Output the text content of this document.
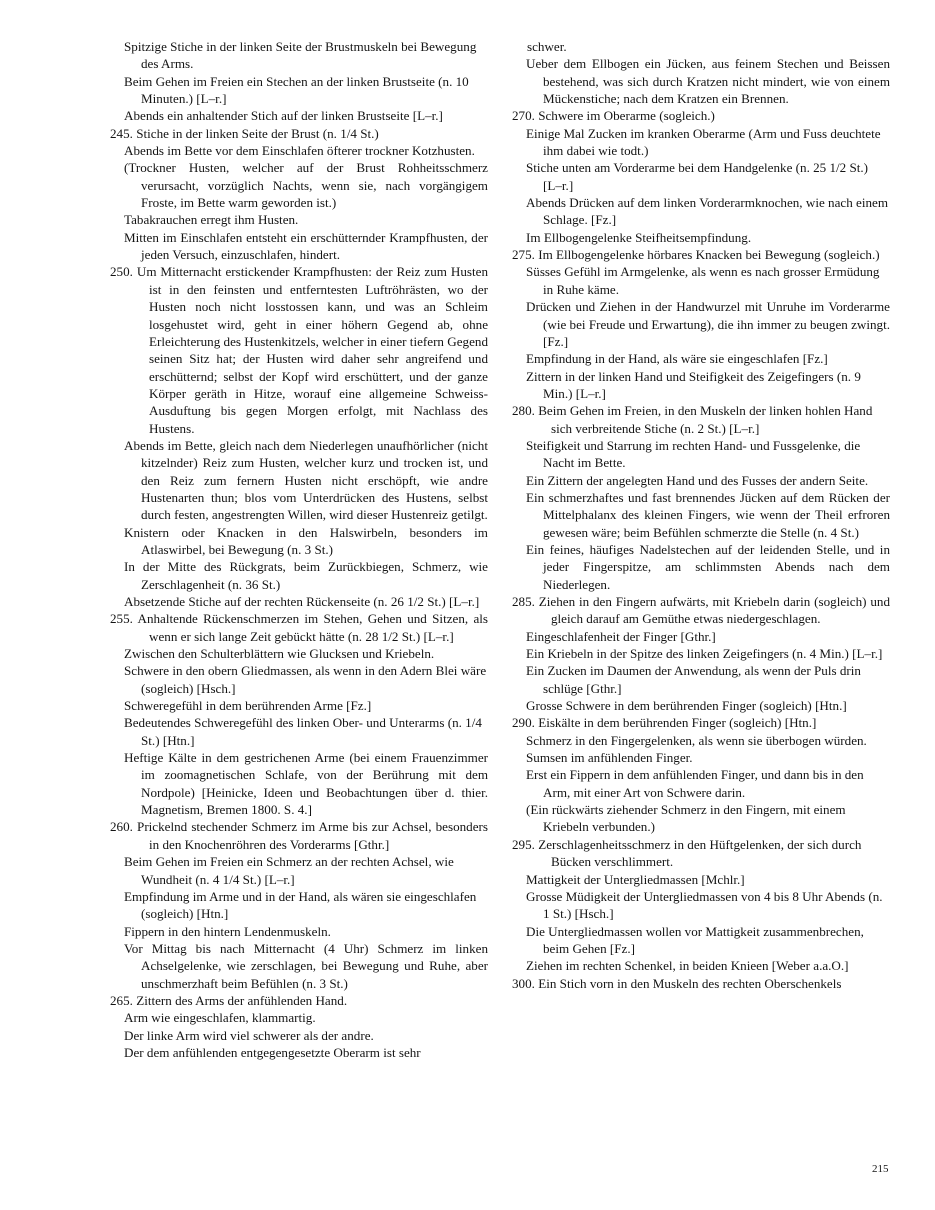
Spitzige Stiche in der linken Seite der Brustmuskeln bei Bewegung des Arms.
Beim Gehen im Freien ein Stechen an der linken Brustseite (n. 10 Minuten.) [L–r.]
Abends ein anhaltender Stich auf der linken Brustseite [L–r.]
245. Stiche in der linken Seite der Brust (n. 1/4 St.)
Abends im Bette vor dem Einschlafen öfterer trockner Kotzhusten.
(Trockner Husten, welcher auf der Brust Rohheitsschmerz verursacht, vorzüglich Nachts, wenn sie, nach vorgängigem Froste, im Bette warm geworden ist.)
Tabakrauchen erregt ihm Husten.
Mitten im Einschlafen entsteht ein erschütternder Krampfhusten, der jeden Versuch, einzuschlafen, hindert.
250. Um Mitternacht erstickender Krampfhusten: der Reiz zum Husten ist in den feinsten und entferntesten Luftröhrästen, wo der Husten noch nicht losstossen kann, und was an Schleim losgehustet wird, geht in einer höhern Gegend ab, ohne Erleichterung des Hustenkitzels, welcher in einer tiefern Gegend seinen Sitz hat; der Husten wird daher sehr angreifend und erschütternd; selbst der Kopf wird erschüttert, und der ganze Körper geräth in Hitze, worauf eine allgemeine Schweiss-Ausduftung bis gegen Morgen erfolgt, mit Nachlass des Hustens.
Abends im Bette, gleich nach dem Niederlegen unaufhörlicher (nicht kitzelnder) Reiz zum Husten, welcher kurz und trocken ist, und den Reiz zum fernern Husten nicht erschöpft, wie andre Hustenarten thun; blos vom Unterdrücken des Hustens, selbst durch festen, angestrengten Willen, wird dieser Hustenreiz getilgt.
Knistern oder Knacken in den Halswirbeln, besonders im Atlaswirbel, bei Bewegung (n. 3 St.)
In der Mitte des Rückgrats, beim Zurückbiegen, Schmerz, wie Zerschlagenheit (n. 36 St.)
Absetzende Stiche auf der rechten Rückenseite (n. 26 1/2 St.) [L–r.]
255. Anhaltende Rückenschmerzen im Stehen, Gehen und Sitzen, als wenn er sich lange Zeit gebückt hätte (n. 28 1/2 St.) [L–r.]
Zwischen den Schulterblättern wie Glucksen und Kriebeln.
Schwere in den obern Gliedmassen, als wenn in den Adern Blei wäre (sogleich) [Hsch.]
Schweregefühl in dem berührenden Arme [Fz.]
Bedeutendes Schweregefühl des linken Ober- und Unterarms (n. 1/4 St.) [Htn.]
Heftige Kälte in dem gestrichenen Arme (bei einem Frauenzimmer im zoomagnetischen Schlafe, von der Berührung mit dem Nordpole) [Heinicke, Ideen und Beobachtungen über d. thier. Magnetism, Bremen 1800. S. 4.]
260. Prickelnd stechender Schmerz im Arme bis zur Achsel, besonders in den Knochenröhren des Vorderarms [Gthr.]
Beim Gehen im Freien ein Schmerz an der rechten Achsel, wie Wundheit (n. 4 1/4 St.) [L–r.]
Empfindung im Arme und in der Hand, als wären sie eingeschlafen (sogleich) [Htn.]
Fippern in den hintern Lendenmuskeln.
Vor Mittag bis nach Mitternacht (4 Uhr) Schmerz im linken Achselgelenke, wie zerschlagen, bei Bewegung und Ruhe, aber unschmerzhaft beim Befühlen (n. 3 St.)
265. Zittern des Arms der anfühlenden Hand.
Arm wie eingeschlafen, klammartig.
Der linke Arm wird viel schwerer als der andre.
Der dem anfühlenden entgegengesetzte Oberarm ist sehr
schwer.
Ueber dem Ellbogen ein Jücken, aus feinem Stechen und Beissen bestehend, was sich durch Kratzen nicht mindert, wie von einem Mückenstiche; nach dem Kratzen ein Brennen.
270. Schwere im Oberarme (sogleich.)
Einige Mal Zucken im kranken Oberarme (Arm und Fuss deuchtete ihm dabei wie todt.)
Stiche unten am Vorderarme bei dem Handgelenke (n. 25 1/2 St.) [L–r.]
Abends Drücken auf dem linken Vorderarmknochen, wie nach einem Schlage. [Fz.]
Im Ellbogengelenke Steifheitsempfindung.
275. Im Ellbogengelenke hörbares Knacken bei Bewegung (sogleich.)
Süsses Gefühl im Armgelenke, als wenn es nach grosser Ermüdung in Ruhe käme.
Drücken und Ziehen in der Handwurzel mit Unruhe im Vorderarme (wie bei Freude und Erwartung), die ihn immer zu beugen zwingt. [Fz.]
Empfindung in der Hand, als wäre sie eingeschlafen [Fz.]
Zittern in der linken Hand und Steifigkeit des Zeigefingers (n. 9 Min.) [L–r.]
280. Beim Gehen im Freien, in den Muskeln der linken hohlen Hand sich verbreitende Stiche (n. 2 St.) [L–r.]
Steifigkeit und Starrung im rechten Hand- und Fussgelenke, die Nacht im Bette.
Ein Zittern der angelegten Hand und des Fusses der andern Seite.
Ein schmerzhaftes und fast brennendes Jücken auf dem Rücken der Mittelphalanx des kleinen Fingers, wie wenn der Theil erfroren gewesen wäre; beim Befühlen schmerzte die Stelle (n. 4 St.)
Ein feines, häufiges Nadelstechen auf der leidenden Stelle, und in jeder Fingerspitze, am schlimmsten Abends nach dem Niederlegen.
285. Ziehen in den Fingern aufwärts, mit Kriebeln darin (sogleich) und gleich darauf am Gemüthe etwas niedergeschlagen.
Eingeschlafenheit der Finger [Gthr.]
Ein Kriebeln in der Spitze des linken Zeigefingers (n. 4 Min.) [L–r.]
Ein Zucken im Daumen der Anwendung, als wenn der Puls drin schlüge [Gthr.]
Grosse Schwere in dem berührenden Finger (sogleich) [Htn.]
290. Eiskälte in dem berührenden Finger (sogleich) [Htn.]
Schmerz in den Fingergelenken, als wenn sie überbogen würden.
Sumsen im anfühlenden Finger.
Erst ein Fippern in dem anfühlenden Finger, und dann bis in den Arm, mit einer Art von Schwere darin.
(Ein rückwärts ziehender Schmerz in den Fingern, mit einem Kriebeln verbunden.)
295. Zerschlagenheitsschmerz in den Hüftgelenken, der sich durch Bücken verschlimmert.
Mattigkeit der Untergliedmassen [Mchlr.]
Grosse Müdigkeit der Untergliedmassen von 4 bis 8 Uhr Abends (n. 1 St.) [Hsch.]
Die Untergliedmassen wollen vor Mattigkeit zusammenbrechen, beim Gehen [Fz.]
Ziehen im rechten Schenkel, in beiden Knieen [Weber a.a.O.]
300. Ein Stich vorn in den Muskeln des rechten Oberschenkels
215
